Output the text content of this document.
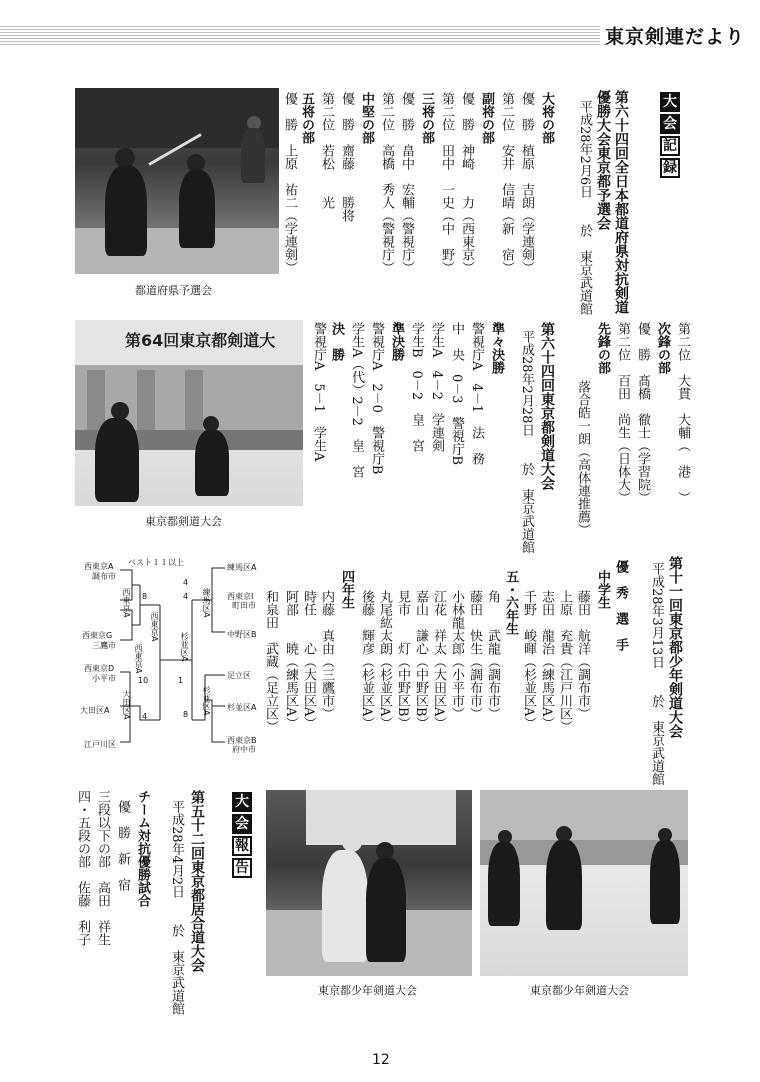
東京剣連だより
都道府県予選会
大
会
記
録
第六十四回全日本都道府県対抗剣道
優勝大会東京都予選会
平成28年2月6日　　於　東京武道館
大将の部
優　勝　植原　吉朗（学連剣）
第二位　安井　信晴（新　宿）
副将の部
優　勝　神崎　　力（西東京）
第二位　田中　一史（中　野）
三将の部
優　勝　畠中　宏輔（警視庁）
第二位　高橋　秀人（警視庁）
中堅の部
優　勝　齋藤　　勝将
第二位　若松　　光
五将の部
優　勝　上原　祐二（学連剣）
第64回東京都剣道大
東京都剣道大会
第二位　大貫　大輔（　港　）
次鋒の部
優　勝　髙橋　徹士（学習院）
第二位　百田　尚生（日体大）
先鋒の部
落合皓一朗（高体連推薦）
第六十四回東京都剣道大会
平成28年2月28日　　於　東京武道館
準々決勝
警視庁A　4－1　法　務
中　央　0－3　警視庁B
学生A　4－2　学連剣
学生B　0－2　皇　宮
準決勝
警視庁A　2－0　警視庁B
学生A（代）2－2　皇　宮
決　勝
警視庁A　5－1　学生A
ベスト１１以上
西東京A
調布市
西東京G
三鷹市
西東京D
小平市
大田区A
江戸川区
練馬区A
西東京I
町田市
中野区B
足立区
杉並区A
西東京B
府中市
西東京A
西東京A
大田区A
西東京A
練馬区A
杉並区A
杉並区A
8	4
10
4
4
1
8	第十一回東京都少年剣道大会
平成28年3月13日　　於　東京武道館
優　秀　選　手
中学生
藤田　航洋（調布市）
上原　充貴（江戸川区）
志田　龍治（練馬区A）
千野　峻暉（杉並区A）
五・六年生
角　　武龍（調布市）
藤田　快生（調布市）
小林龍太郎（小平市）
江花　祥太（大田区A）
嘉山　謙心（中野区B）
見市　　灯（中野区B）
丸尾紘太朗（杉並区A）
後藤　輝彦（杉並区A）
四年生
内藤　真由（三鷹市）
時任　　心（大田区A）
阿部　　暁（練馬区A）
和泉田　武蔵（足立区）
第五十二回東京都居合道大会
平成28年4月2日　　於　東京武道館
チーム対抗優勝試合
優　勝　新　宿
三段以下の部　高田　祥生
四・五段の部　佐藤　利子	大
会
報
告
東京都少年剣道大会	東京都少年剣道大会
12
